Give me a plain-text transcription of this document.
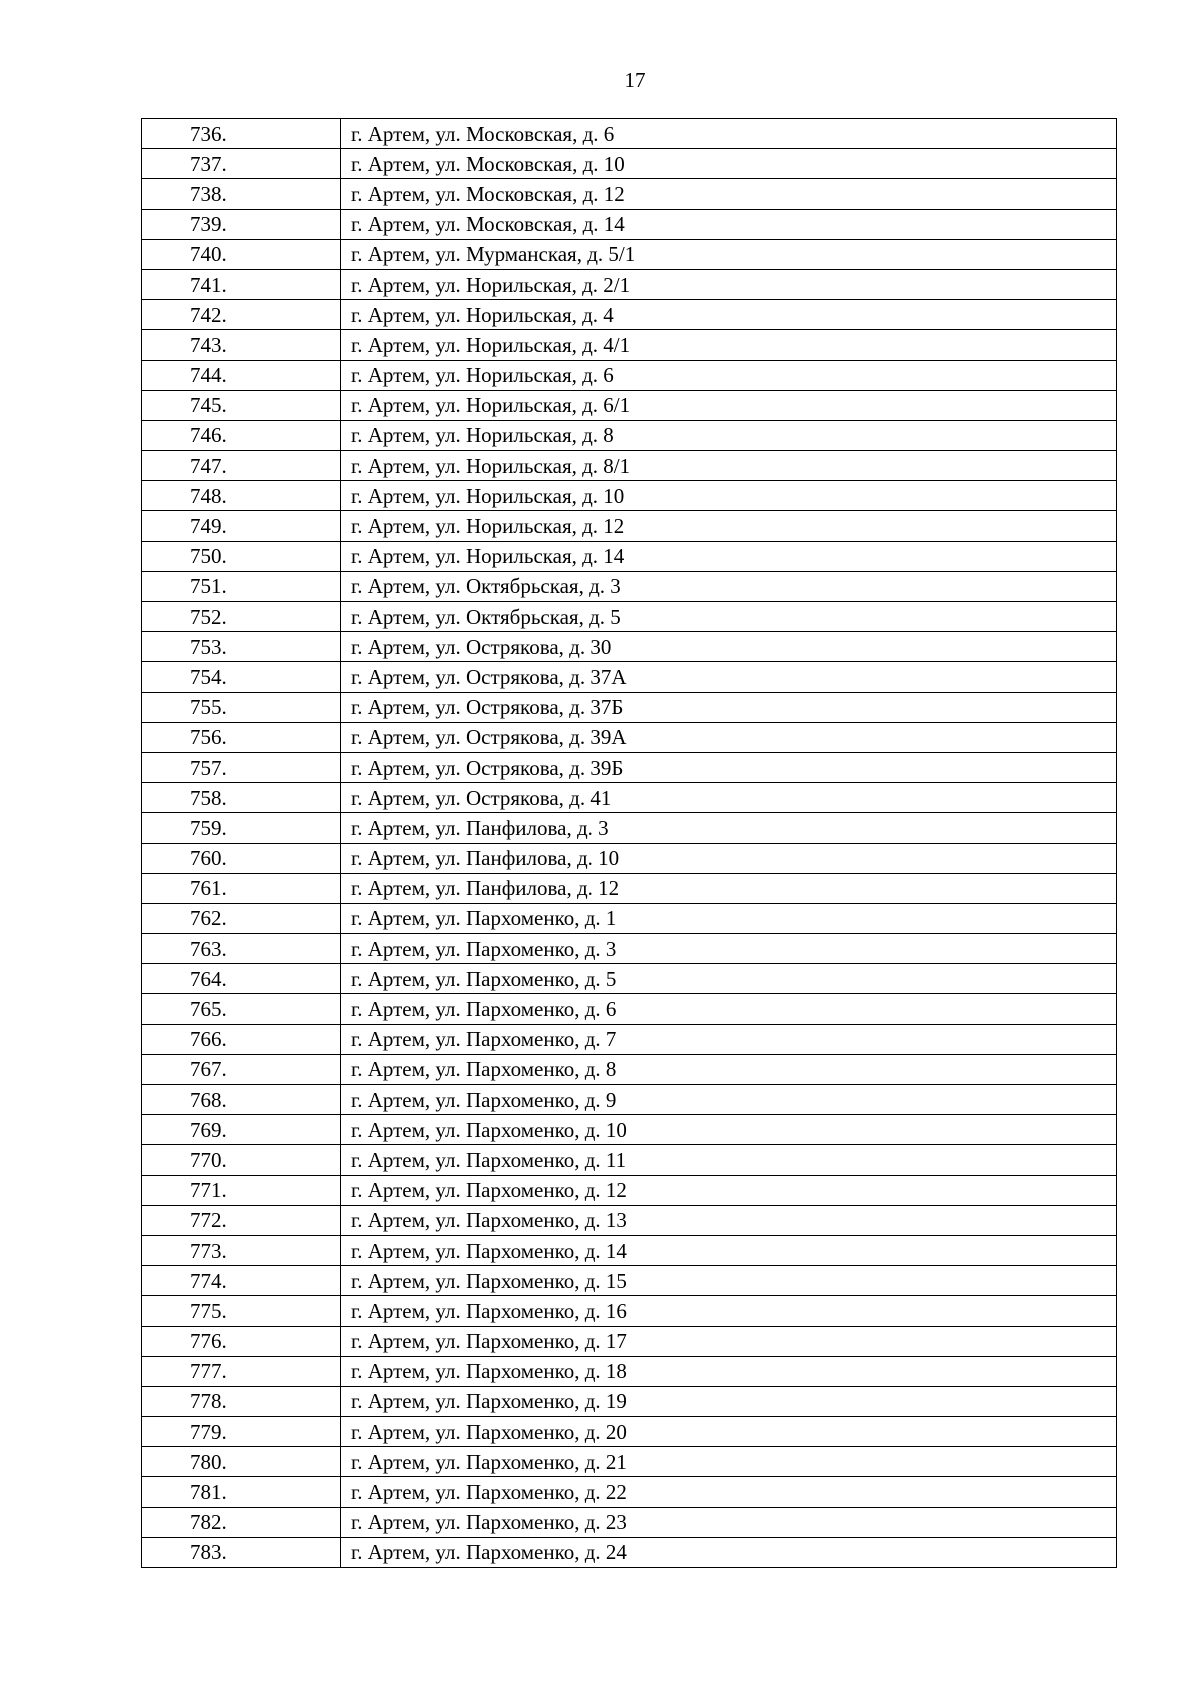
17
736.	г. Артем, ул. Московская, д. 6
737.	г. Артем, ул. Московская, д. 10
738.	г. Артем, ул. Московская, д. 12
739.	г. Артем, ул. Московская, д. 14
740.	г. Артем, ул. Мурманская, д. 5/1
741.	г. Артем, ул. Норильская, д. 2/1
742.	г. Артем, ул. Норильская, д. 4
743.	г. Артем, ул. Норильская, д. 4/1
744.	г. Артем, ул. Норильская, д. 6
745.	г. Артем, ул. Норильская, д. 6/1
746.	г. Артем, ул. Норильская, д. 8
747.	г. Артем, ул. Норильская, д. 8/1
748.	г. Артем, ул. Норильская, д. 10
749.	г. Артем, ул. Норильская, д. 12
750.	г. Артем, ул. Норильская, д. 14
751.	г. Артем, ул. Октябрьская, д. 3
752.	г. Артем, ул. Октябрьская, д. 5
753.	г. Артем, ул. Острякова, д. 30
754.	г. Артем, ул. Острякова, д. 37А
755.	г. Артем, ул. Острякова, д. 37Б
756.	г. Артем, ул. Острякова, д. 39А
757.	г. Артем, ул. Острякова, д. 39Б
758.	г. Артем, ул. Острякова, д. 41
759.	г. Артем, ул. Панфилова, д. 3
760.	г. Артем, ул. Панфилова, д. 10
761.	г. Артем, ул. Панфилова, д. 12
762.	г. Артем, ул. Пархоменко, д. 1
763.	г. Артем, ул. Пархоменко, д. 3
764.	г. Артем, ул. Пархоменко, д. 5
765.	г. Артем, ул. Пархоменко, д. 6
766.	г. Артем, ул. Пархоменко, д. 7
767.	г. Артем, ул. Пархоменко, д. 8
768.	г. Артем, ул. Пархоменко, д. 9
769.	г. Артем, ул. Пархоменко, д. 10
770.	г. Артем, ул. Пархоменко, д. 11
771.	г. Артем, ул. Пархоменко, д. 12
772.	г. Артем, ул. Пархоменко, д. 13
773.	г. Артем, ул. Пархоменко, д. 14
774.	г. Артем, ул. Пархоменко, д. 15
775.	г. Артем, ул. Пархоменко, д. 16
776.	г. Артем, ул. Пархоменко, д. 17
777.	г. Артем, ул. Пархоменко, д. 18
778.	г. Артем, ул. Пархоменко, д. 19
779.	г. Артем, ул. Пархоменко, д. 20
780.	г. Артем, ул. Пархоменко, д. 21
781.	г. Артем, ул. Пархоменко, д. 22
782.	г. Артем, ул. Пархоменко, д. 23
783.	г. Артем, ул. Пархоменко, д. 24
